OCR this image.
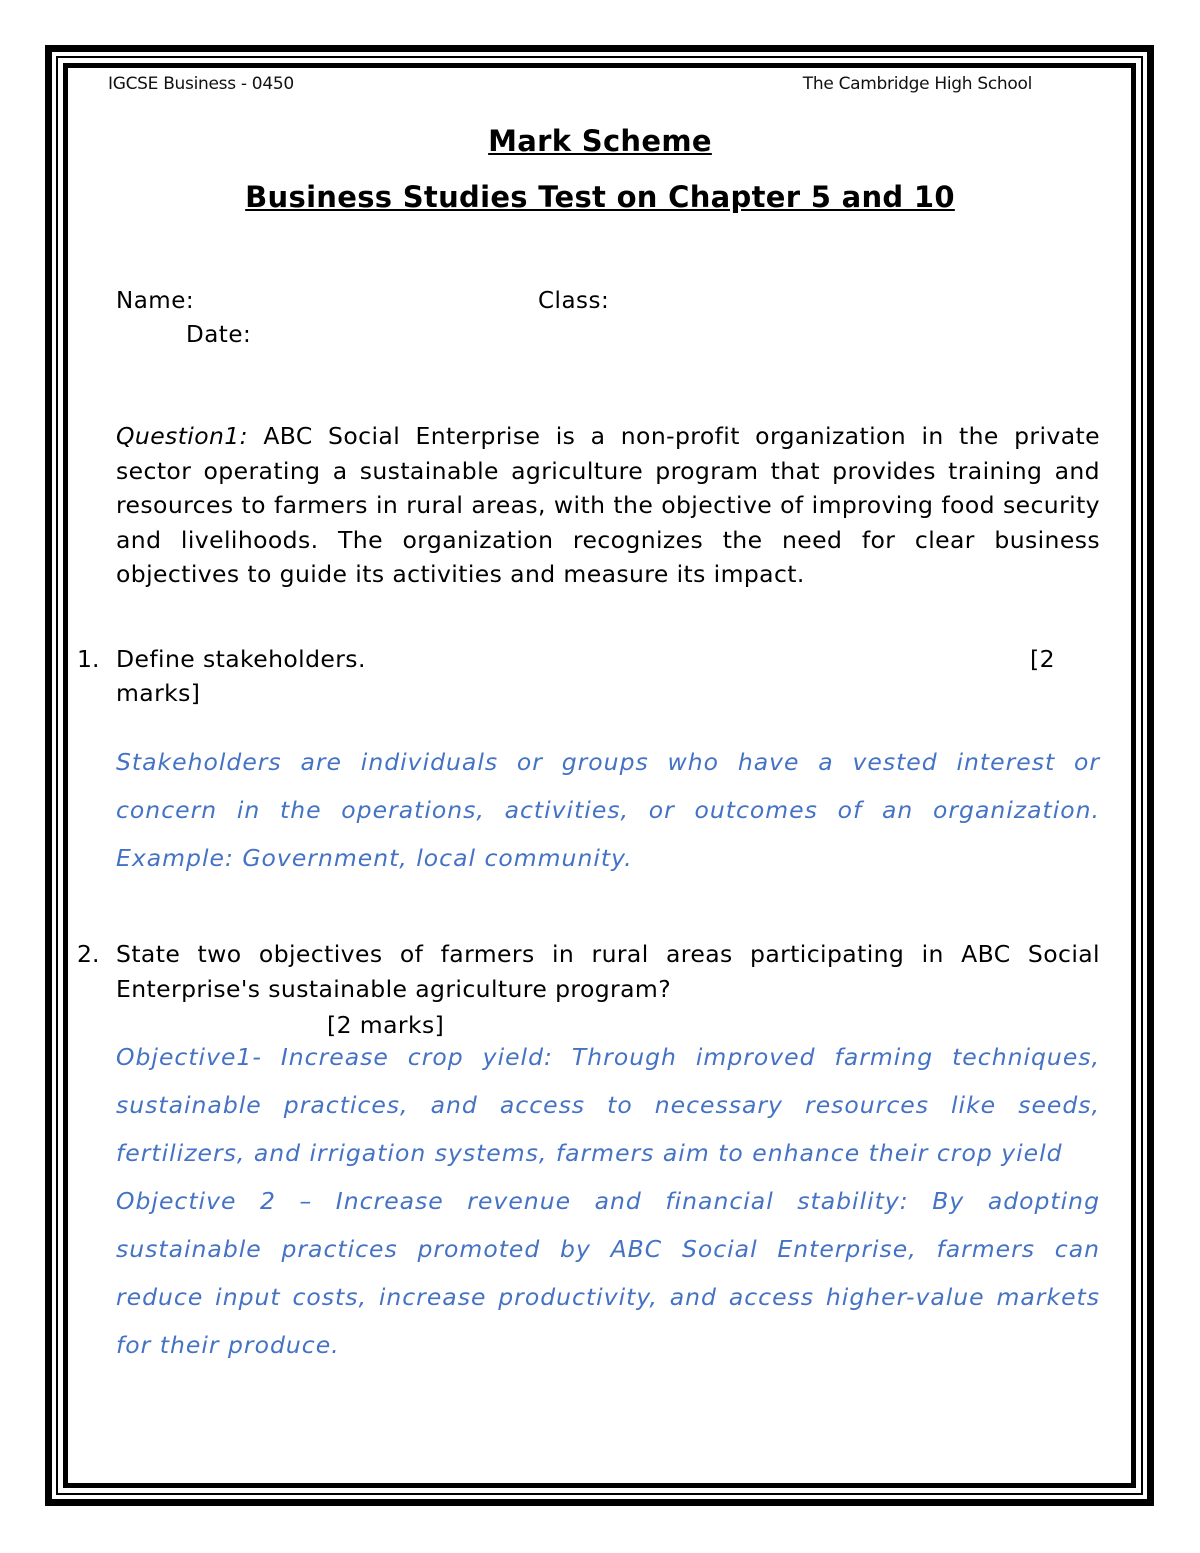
IGCSE Business - 0450	The Cambridge High School
Mark Scheme
Business Studies Test on Chapter 5 and 10
Name:	Class:
Date:
Question1: ABC Social Enterprise is a non-profit organization in the private sector operating a sustainable agriculture program that provides training and resources to farmers in rural areas, with the objective of improving food security and livelihoods. The organization recognizes the need for clear business objectives to guide its activities and measure its impact.
1. Define stakeholders.	[2
marks]

Stakeholders are individuals or groups who have a vested interest or concern in the operations, activities, or outcomes of an organization. Example: Government, local community.

2. State two objectives of farmers in rural areas participating in ABC Social Enterprise's sustainable agriculture program?
[2 marks]

Objective1- Increase crop yield: Through improved farming techniques, sustainable practices, and access to necessary resources like seeds, fertilizers, and irrigation systems, farmers aim to enhance their crop yield

Objective 2 – Increase revenue and financial stability: By adopting sustainable practices promoted by ABC Social Enterprise, farmers can reduce input costs, increase productivity, and access higher-value markets for their produce.
